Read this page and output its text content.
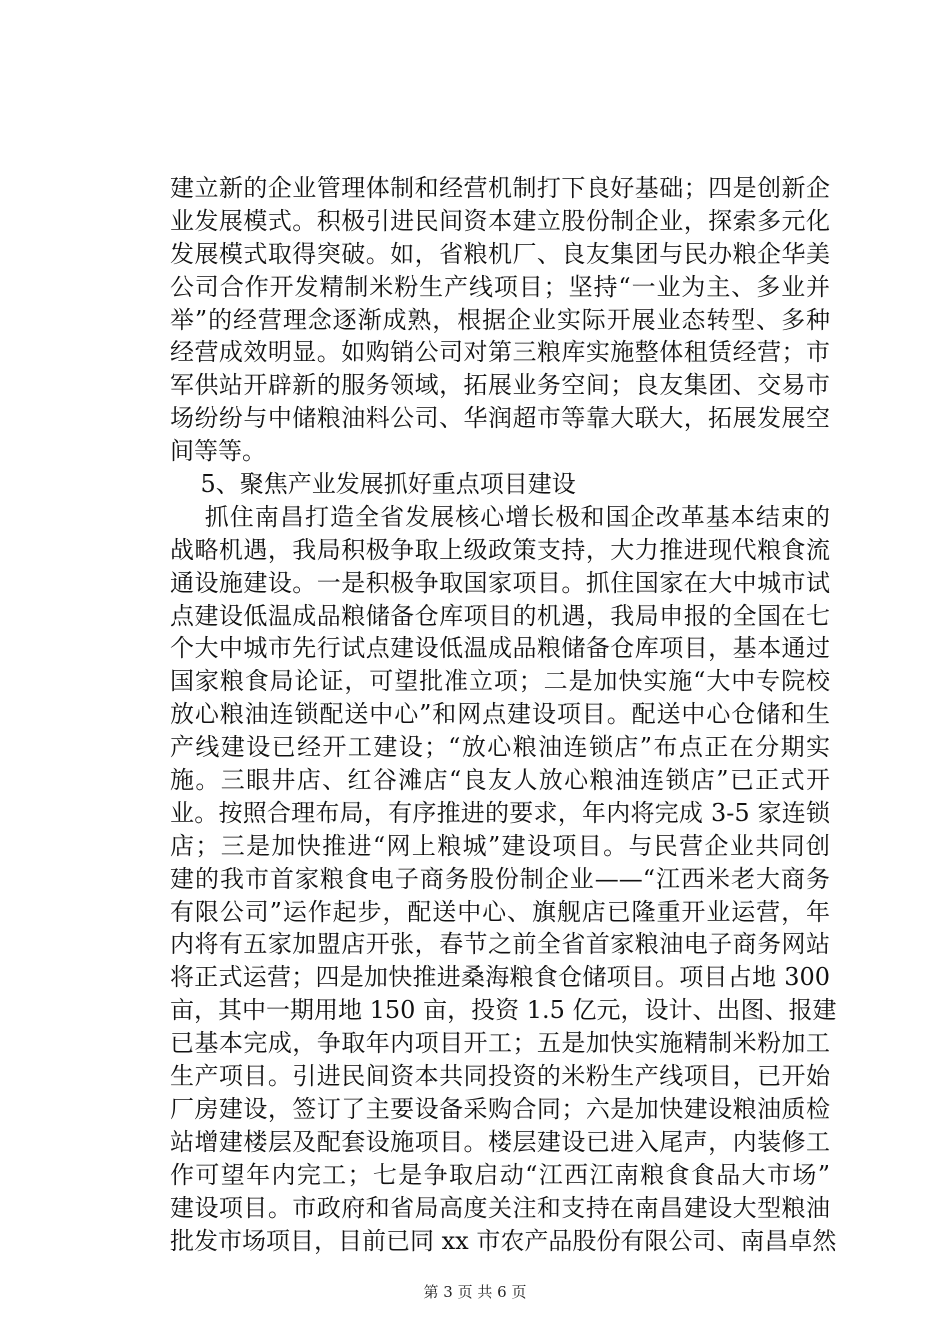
建立新的企业管理体制和经营机制打下良好基础；四是创新企
业发展模式。积极引进民间资本建立股份制企业，探索多元化
发展模式取得突破。如，省粮机厂、良友集团与民办粮企华美
公司合作开发精制米粉生产线项目；坚持“一业为主、多业并
举”的经营理念逐渐成熟，根据企业实际开展业态转型、多种
经营成效明显。如购销公司对第三粮库实施整体租赁经营；市
军供站开辟新的服务领域，拓展业务空间；良友集团、交易市
场纷纷与中储粮油料公司、华润超市等靠大联大，拓展发展空
间等等。
5、聚焦产业发展抓好重点项目建设
抓住南昌打造全省发展核心增长极和国企改革基本结束的
战略机遇，我局积极争取上级政策支持，大力推进现代粮食流
通设施建设。一是积极争取国家项目。抓住国家在大中城市试
点建设低温成品粮储备仓库项目的机遇，我局申报的全国在七
个大中城市先行试点建设低温成品粮储备仓库项目，基本通过
国家粮食局论证，可望批准立项；二是加快实施“大中专院校
放心粮油连锁配送中心”和网点建设项目。配送中心仓储和生
产线建设已经开工建设；“放心粮油连锁店”布点正在分期实
施。三眼井店、红谷滩店“良友人放心粮油连锁店”已正式开
业。按照合理布局，有序推进的要求，年内将完成 3-5 家连锁
店；三是加快推进“网上粮城”建设项目。与民营企业共同创
建的我市首家粮食电子商务股份制企业——“江西米老大商务
有限公司”运作起步，配送中心、旗舰店已隆重开业运营，年
内将有五家加盟店开张，春节之前全省首家粮油电子商务网站
将正式运营；四是加快推进桑海粮食仓储项目。项目占地 300
亩，其中一期用地 150 亩，投资 1.5 亿元，设计、出图、报建
已基本完成，争取年内项目开工；五是加快实施精制米粉加工
生产项目。引进民间资本共同投资的米粉生产线项目，已开始
厂房建设，签订了主要设备采购合同；六是加快建设粮油质检
站增建楼层及配套设施项目。楼层建设已进入尾声，内装修工
作可望年内完工；七是争取启动“江西江南粮食食品大市场”
建设项目。市政府和省局高度关注和支持在南昌建设大型粮油
批发市场项目，目前已同 xx 市农产品股份有限公司、南昌卓然
第 3 页 共 6 页
